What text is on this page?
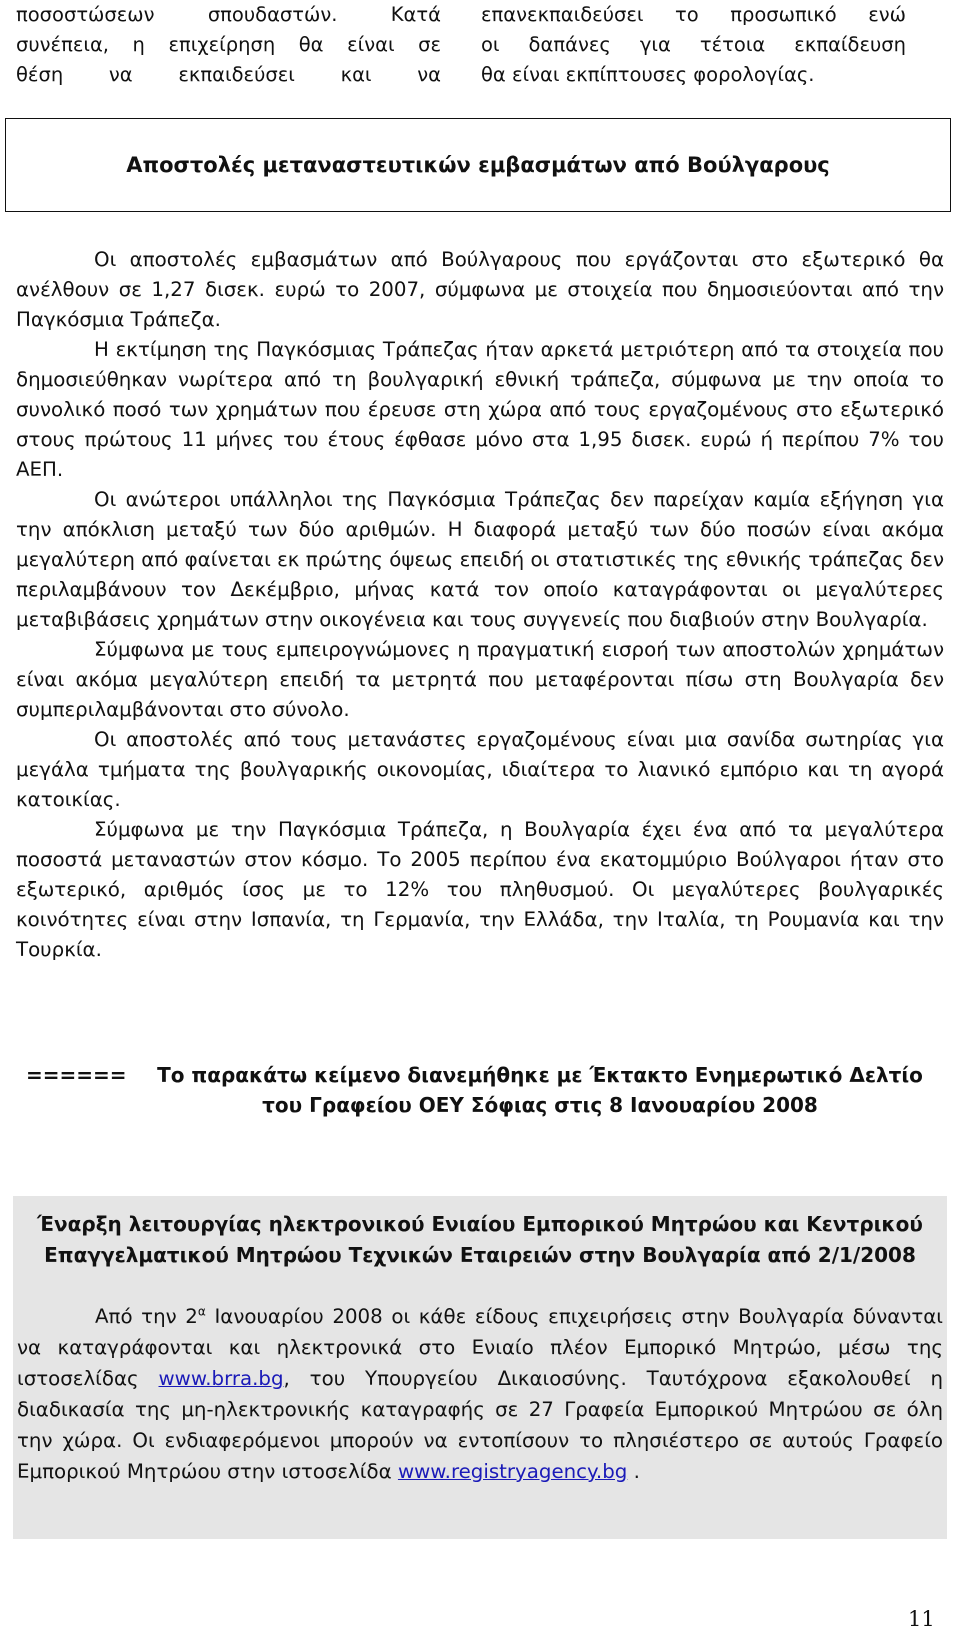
ποσοστώσεων σπουδαστών. Κατά
συνέπεια, η επιχείρηση θα είναι σε
θέση να εκπαιδεύσει και να
επανεκπαιδεύσει το προσωπικό ενώ
οι δαπάνες για τέτοια εκπαίδευση
θα είναι εκπίπτουσες φορολογίας.
Αποστολές μεταναστευτικών εμβασμάτων από Βούλγαρους

Οι αποστολές εμβασμάτων από Βούλγαρους που εργάζονται στο εξωτερικό θα ανέλθουν σε 1,27 δισεκ. ευρώ το 2007, σύμφωνα με στοιχεία που δημοσιεύονται από την Παγκόσμια Τράπεζα.

Η εκτίμηση της Παγκόσμιας Τράπεζας ήταν αρκετά μετριότερη από τα στοιχεία που δημοσιεύθηκαν νωρίτερα από τη βουλγαρική εθνική τράπεζα, σύμφωνα με την οποία το συνολικό ποσό των χρημάτων που έρευσε στη χώρα από τους εργαζομένους στο εξωτερικό στους πρώτους 11 μήνες του έτους έφθασε μόνο στα 1,95 δισεκ. ευρώ ή περίπου 7% του ΑΕΠ.

Οι ανώτεροι υπάλληλοι της Παγκόσμια Τράπεζας δεν παρείχαν καμία εξήγηση για την απόκλιση μεταξύ των δύο αριθμών. Η διαφορά μεταξύ των δύο ποσών είναι ακόμα μεγαλύτερη από φαίνεται εκ πρώτης όψεως επειδή οι στατιστικές της εθνικής τράπεζας δεν περιλαμβάνουν τον Δεκέμβριο, μήνας κατά τον οποίο καταγράφονται οι μεγαλύτερες μεταβιβάσεις χρημάτων στην οικογένεια και τους συγγενείς που διαβιούν στην Βουλγαρία.

Σύμφωνα με τους εμπειρογνώμονες η πραγματική εισροή των αποστολών χρημάτων είναι ακόμα μεγαλύτερη επειδή τα μετρητά που μεταφέρονται πίσω στη Βουλγαρία δεν συμπεριλαμβάνονται στο σύνολο.

Οι αποστολές από τους μετανάστες εργαζομένους είναι μια σανίδα σωτηρίας για μεγάλα τμήματα της βουλγαρικής οικονομίας, ιδιαίτερα το λιανικό εμπόριο και τη αγορά κατοικίας.

Σύμφωνα με την Παγκόσμια Τράπεζα, η Βουλγαρία έχει ένα από τα μεγαλύτερα ποσοστά μεταναστών στον κόσμο. Το 2005 περίπου ένα εκατομμύριο Βούλγαροι ήταν στο εξωτερικό, αριθμός ίσος με το 12% του πληθυσμού. Οι μεγαλύτερες βουλγαρικές κοινότητες είναι στην Ισπανία, τη Γερμανία, την Ελλάδα, την Ιταλία, τη Ρουμανία και την Τουρκία.

======	Το παρακάτω κείμενο διανεμήθηκε με Έκτακτο Ενημερωτικό Δελτίο
του Γραφείου ΟΕΥ Σόφιας στις 8 Ιανουαρίου 2008
Έναρξη λειτουργίας ηλεκτρονικού Ενιαίου Εμπορικού Μητρώου και Κεντρικού
Επαγγελματικού Μητρώου Τεχνικών Εταιρειών στην Βουλγαρία από 2/1/2008

Από την $2^\alpha$ Ιανουαρίου 2008 οι κάθε είδους επιχειρήσεις στην Βουλγαρία δύνανται να καταγράφονται και ηλεκτρονικά στο Ενιαίο πλέον Εμπορικό Μητρώο, μέσω της ιστοσελίδας www.brra.bg, του Υπουργείου Δικαιοσύνης. Ταυτόχρονα εξακολουθεί η διαδικασία της μη-ηλεκτρονικής καταγραφής σε 27 Γραφεία Εμπορικού Μητρώου σε όλη την χώρα. Οι ενδιαφερόμενοι μπορούν να εντοπίσουν το πλησιέστερο σε αυτούς Γραφείο Εμπορικού Μητρώου στην ιστοσελίδα www.registryagency.bg .

11
